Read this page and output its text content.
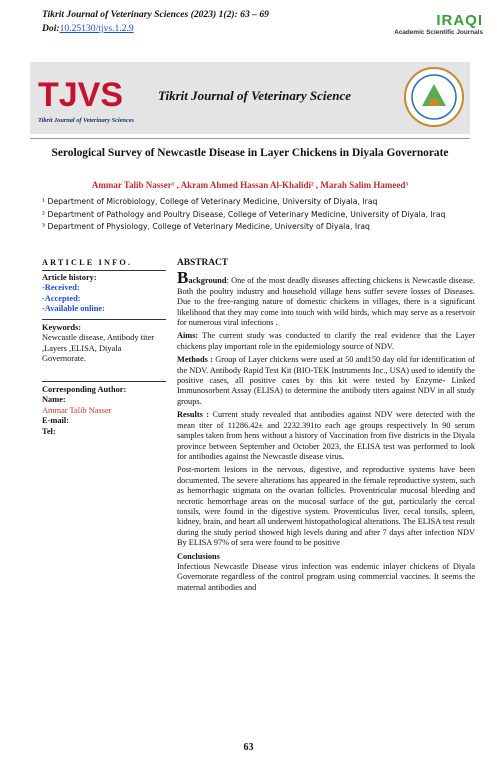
Tikrit Journal of Veterinary Sciences (2023) 1(2): 63 – 69
Doi:10.25130/tjvs.1.2.9	IRAQI
Academic Scientific Journals
TJVS
Tikrit Journal of Veterinary Sciences
Tikrit Journal of Veterinary Science
Serological Survey of Newcastle Disease in Layer Chickens in Diyala Governorate
Ammar Talib Nasser¹ , Akram Ahmed Hassan Al-Khalidi² , Marah Salim Hameed³

¹ Department of Microbiology, College of Veterinary Medicine, University of Diyala, Iraq

² Department of Pathology and Poultry Disease, College of Veterinary Medicine, University of Diyala, Iraq

³ Department of Physiology, College of Veterinary Medicine, University of Diyala, Iraq

ARTICLE INFO.
Article history:
-Received:
-Accepted:
-Available online:
Keywords:
Newcastle disease, Antibody titer ,Layers ,ELISA, Diyala Governorate.
Corresponding Author:
Name:
Ammar Talib Nasser
E-mail:
Tel:
ABSTRACT

Background: One of the most deadly diseases affecting chickens is Newcastle disease. Both the poultry industry and household village hens suffer severe losses of Diseases. Due to the free-ranging nature of domestic chickens in villages, there is a significant likelihood that they may come into touch with wild birds, which may serve as a reservoir for numerous viral infections .

Aims: The current study was conducted to clarify the real evidence that the Layer chickens play important role in the epidemiology source of NDV.

Methods : Group of Layer chickens were used at 50 and150 day old for identification of the NDV. Antibody Rapid Test Kit (BIO-TEK Instruments Inc., USA) used to identify the positive cases, all positive cases by this kit were tested by Enzyme- Linked Immunosorbent Assay (ELISA) to determine the antibody titers against NDV in all study groups.

Results : Current study revealed that antibodies against NDV were detected with the mean titer of 11286.42± and 2232.391to each age groups respectively In 90 serum samples taken from hens without a history of Vaccination from five districts in the Diyala province between September and October 2023, the ELISA test was performed to look for antibodies against the Newcastle disease virus.

Post-mortem lesions in the nervous, digestive, and reproductive systems have been documented. The severe alterations has appeared in the female reproductive system, such as hemorrhagic stigmata on the ovarian follicles. Proventricular mucosal bleeding and necrotic hemorrhage areas on the mucosal surface of the gut, particularly the cercal tonsils, were found in the digestive system. Proventiculus liver, cecal tonsils, spleen, kidney, brain, and heart all underwent histopathological alterations. The ELISA test result during the study period showed high levels during and after 7 days after infection NDV By ELISA 97% of sera were found to be positive

Conclusions

Infectious Newcastle Disease virus infection was endemic inlayer chickens of Diyala Governorate regardless of the control program using commercial vaccines. It seems the maternal antibodies and

63
